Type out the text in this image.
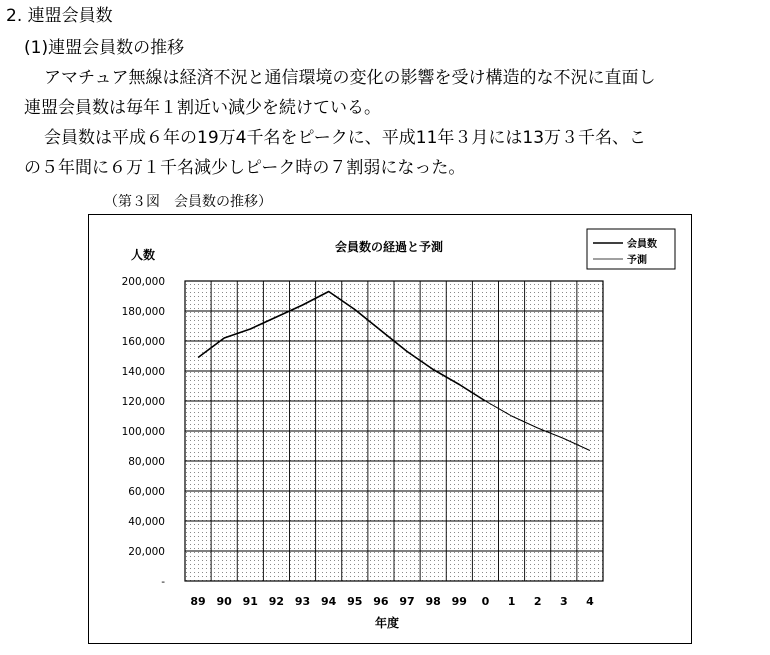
2. 連盟会員数
(1)連盟会員数の推移
アマチュア無線は経済不況と通信環境の変化の影響を受け構造的な不況に直面し
連盟会員数は毎年１割近い減少を続けている。
会員数は平成６年の19万4千名をピークに、平成11年３月には13万３千名、こ
の５年間に６万１千名減少しピーク時の７割弱になった。
（第３図　会員数の推移）
会員数の経過と予測
人数
年度
-
20,000
40,000
60,000
80,000
100,000
120,000
140,000
160,000
180,000
200,000
89 90 91 92 93 94 95 96 97 98 99 0 1 2 3 4
会員数
予測
